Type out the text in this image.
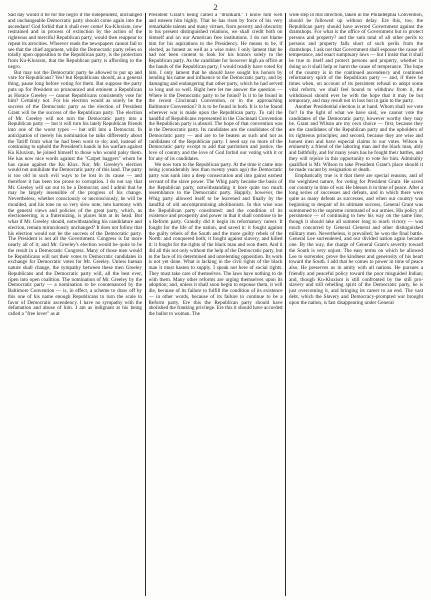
2

Sad day would it be for the negro if the independent, unchanged and unchangeable Democratic party should come again into the ascendant! God forbid that it shall ever come! Ku-Kluxism, now restrained and in process of extinction by the action of the righteous and merciful Republican party, would then reappear to repeat its atrocities. Whoever reads the newspapers cannot fail to see that the chief argument, whilst the Democratic party relies so totally upon opposition to the Republican party, is the protection from Ku-Kluxism, that the Republican party is affording to the negro.

But may not the Democratic party be allowed to put up and vote for Republicans? Yes! but Republicans should, as a general thing, pause long before voting for them. But suppose the party puts up for President so pronounced and eminent a Republican as Horace Greeley — cannot Republicans consistently vote for him? Certainly not. For his election would as surely be the success of the Democratic party as the election of President Grant will be the success of the Republican party. The election of Mr. Greeley will not turn the Democratic party into a Republican party — but it will turn his lately Republican friends into one of the worst types — but still into a Democrat. In anticipation of merely his nomination he talks differently about the Tariff from what he had been wont to do; and, instead of continuing to uphold the President's hands in his warfare against Ku Kluxism, he joined himself to those who would palsy them. He has now nice words against the "Carpet baggers" whom he has cause against the Ku Klux. Nor, Mr. Greeley's election would not annihilate the Democratic party of this land. The party is too old in such evil ways to be lost in its cause — and therefore it has been too prone to corruption. I do not say that Mr. Greeley will sat out to be a Democrat; and I admit that he may be largely insensible of the progress of his change. Nevertheless, whether consciously or unconsciously, he will be moulded, and his tone no so very slow note, into harmony with the general views and policies of the great party, which, as electioneering, is a fraternizing, is places him at its head. But what if Mr. Greeley should, notwithstanding his candidature and election, remain miraculously unchanged? It does not follow that his election would not be the success of the Democratic party. The President is not all the Government. Congress is far more nearly all of it; and Mr. Greeley's election would be quite to be the result in a Democratic Congress. Many of those men would be Republicans will not their votes to Democratic candidates in exchange for Democratic votes for Mr. Greeley. Unless human nature shall change, the sympathy between these men Greeley Republicans and the Democratic party will, all the best ever, ripen into open coalition. The nomination of Mr. Greeley by the Democratic party — a nomination to be countenanced by the Baltimore Convention — is, in effect, a scheme to draw off by this one of his name enough Republicans to turn the scale in favor of Democratic ascendency. I have no sympathy with the defamation and abuse of him. I am as indignant at his being called a "free lover" as at

President Grant's being called a "drunkard." I know him well and esteem him highly. That he has risen by force of his very remarkable talents and many virtues, from poverty and obscurity to his present distinguished relations, we shall credit both on himself and on our American free institutions. I do not blame him for his aspirations to the Presidency. He means to be, if elected, as honest as well as a wise ruler. I only lament that he had not been content to look for his honors solely to the Republican party. As the candidate for however high an office at the hands of the Republican party, I would readily have voted for him. I only lament that he should have sought his honors by bending his name and influence to the Democratic party, and by damaging and endangering that other party, which he had served so long and so well. Right here let me answer the question — Where is the Democratic party to be found? Is it to be found in the recent Cincinnati Convention, or in the approaching Baltimore Convention? It is to be found in both. It is to be found wherever war is made upon the Republican party. To call the handful of Republicans represented in the Cincinnati Convention the Republican party is absurd. The hope of that convention was in the Democratic party. Its candidates are the candidates of the Democratic party — and are to be beaten as such and not as candidates of the Republican party. I need say no more of the Democratic party except to add that patriotism and justice, the love of country and the love of God forbid our voting with it or for any of its candidates.

We now turn to the Republican party. At the time it came into being (considerably less than twenty years ago) the Democratic party was sunk into a deep consecration and into gainst earnest servant of the slave power. The Whig party became the basis of the Republican party, notwithstanding it bore quite too much resemblance to the Democratic party. Happily, however, the Whig party allowed itself to be leavened and finally by the handful of old uncompromising abolitionists. In this wise was the Republican party constituted: and the condition of its existence and prosperity and power in that it shall continue to be a Reform party. Grandly did it begin its reformatory career. It fought for the life of the nation, and saved it: it fought against the guilty rebels of the South and the more guilty rebels of the North: and conquered both; it fought against slavery, and killed it: it fought for the rights of the black man and won them. And it did all this not only without the help of the Democratic party, but in the face of its determined and unrelenting opposition. Its work is not yet done. What is lacking in the civil rights of the black man it must hasten to supply. I speak not here of social rights. They must take care of themselves. The laws have nothing to do with them. Many other reforms are urging themselves upon its adoption; and, unless it shall soon begin to espouse them, it will die, because of its failure to fulfill the condition of its existence — in other words, because of its failure to continue to be a Reform party. Ere this the Republican party should have abolished the franking privilege. Ere this it should have accorded the ballot to woman. The

wide step in this direction, taken in the Philadelphia Convention, should be followed up without delay. Ere this, too, the Republican party should have averred Government against the dramshops. For what is the office of Government but to protect persons and property? and the sum total of all other perils to persons and property falls short of such perils from the dramshops. I ask not that Government shall espouse the cause of temperance, and enact sumptuary laws — but I insist that it shall be true to itself and protect persons and property, whether in doing so it shall help or harm the cause of temperance. The hope of the country is in the continued ascendency and continued reformatory spirit of the Republican party — and, if there be times when, on account of its persistent refusal to adopt some vital reform, we shall feel bound to withdraw from it, the withdrawal should ever be with the hope that it may be but temporary, and may result not in loss but in gain to the party.

Another Presidential election is at hand. Whom shall we vote for? In the light of what we have said, we cannot vote the candidates of the Democratic party, however worthy they may be. Grant and Wilson are my own choice — first, because they are the candidates of the Republican party and the upholders of its righteous principles; and second, because they are wise and honest men and have especial claims to our votes. Wilson is eminently a friend of the laboring man and the black man, ably and faithfully, and for many years has he fought their battles, and they will rejoice in this opportunity to vote for him. Admirably qualified is Mr. Wilson to take President Grant's place should it be made vacant by resignation or death.

Emphatically true is it that there are special reasons, and of the weightiest nature, for voting for President Grant. He saved our country in time of war. He blesses it in time of peace. After a long series of successes and defeats, and in which there were quite as many defeats as successes, and when our country was beginning to despair of its ultimate success, General Grant was summoned to the supreme command of our armies. His policy of persistence — of continuing to hew his way on the same line, though it should take all summer long to reach victory — was much concurred by General Cleneral and other distinguished military men. Nevertheless, it prevailed; he won the final battle. General Lee surrendered, and our divided nation again became one. By the way, the charge of General Grant's severity toward the South is very unjust. The easy terms on which he allowed Lee to surrender, prove the kindness and generosity of his heart toward the South. I add that he comes to power in time of peace also. He preserves us in amity with all nations. He pursues a friendly and peaceful policy toward the poor misguided Indian; and, though Ku-Kluxism is still confronted by the still pro-slavery and still rebelling spirit of the Democratic party, he is just overcoming it, and bringing its career to an end. The vast debt, which the Slavery and Democracy-prompted war brought upon the nation, is fast disappearing under General
